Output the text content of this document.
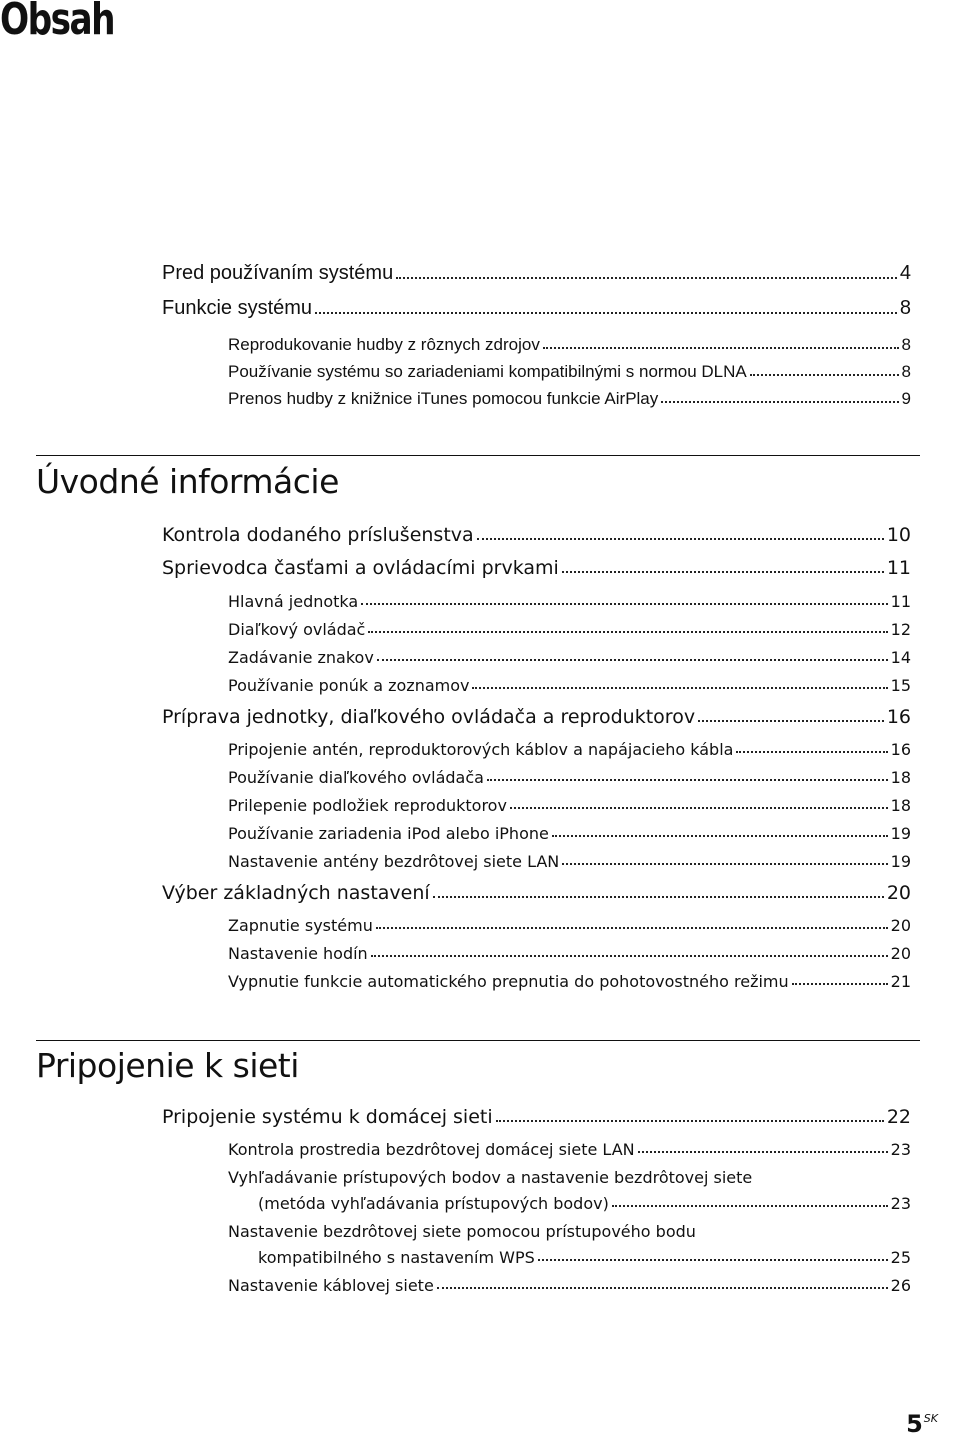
Obsah
Pred používaním systému	4
Funkcie systému	8
Reprodukovanie hudby z rôznych zdrojov	8
Používanie systému so zariadeniami kompatibilnými s normou DLNA	8
Prenos hudby z knižnice iTunes pomocou funkcie AirPlay	9
Úvodné informácie
Kontrola dodaného príslušenstva	10
Sprievodca časťami a ovládacími prvkami	11
Hlavná jednotka	11
Diaľkový ovládač	12
Zadávanie znakov	14
Používanie ponúk a zoznamov	15
Príprava jednotky, diaľkového ovládača a reproduktorov	16
Pripojenie antén, reproduktorových káblov a napájacieho kábla	16
Používanie diaľkového ovládača	18
Prilepenie podložiek reproduktorov	18
Používanie zariadenia iPod alebo iPhone	19
Nastavenie antény bezdrôtovej siete LAN	19
Výber základných nastavení	20
Zapnutie systému	20
Nastavenie hodín	20
Vypnutie funkcie automatického prepnutia do pohotovostného režimu	21
Pripojenie k sieti
Pripojenie systému k domácej sieti	22
Kontrola prostredia bezdrôtovej domácej siete LAN	23
Vyhľadávanie prístupových bodov a nastavenie bezdrôtovej siete
(metóda vyhľadávania prístupových bodov)	23
Nastavenie bezdrôtovej siete pomocou prístupového bodu
kompatibilného s nastavením WPS	25
Nastavenie káblovej siete	26
$5^{SK}$
